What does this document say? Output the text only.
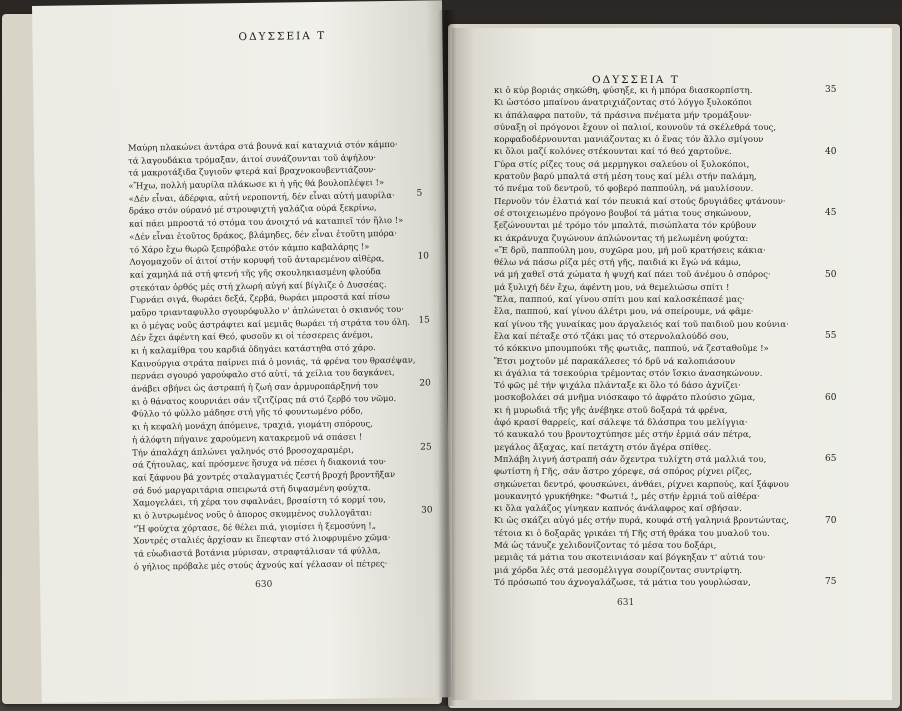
ΟΔΥΣΣΕΙΑ Τ
Μαύρη πλακώνει άντάρα στά βουνά καί καταχνιά στόν κάμπο·
τά λαγουδάκια τρόμαξαν, άιτοί συνάζουνται τοῦ ἀψήλου·
τά μακροτάξιδα ζυγιοῦν φτερά καί βραχνοκουβεντιάζουν·
«Ἤχω, πολλή μαυρίλα πλάκωσε κι ἡ γῆς θά βουλοπλέψει !»
«Δέν εἶναι, άδέρφια, αὐτή νεροποντή, δέν εἶναι αὐτή μαυρίλα·
δράκο στόν ούρανό μέ στρουφιχτή γαλάζια ούρά ξεκρίνω,
καί πάει μπροστά τό στόμα του άνοιχτό νά καταπιεῖ τόν ἥλιο !»
«Δέν εἶναι ἐτοῦτος δράκος, βλάμηδες, δέν εἶναι ἐτοῦτη μπόρα·
τό Χάρο ἔχω θωρῶ ξεπρόβαλε στόν κάμπο καβαλάρης !»
Λογομαχοῦν οἱ άιτοί στήν κορυφή τοῦ ἀνταρεμένου αἰθέρα,
καί χαμηλά πά στή φτενή τῆς γῆς σκουληκιασμένη φλούδα
στεκόταν ὀρθός μές στή χλωρή αὐγή καί βίγλιζε ὁ Δυσσέας.
Γυρνάει σιγά, θωράει δεξά, ζερβά, θωράει μπροστά καί πίσω
μαῦρο τριανταφυλλο σγουρόφυλλο ν' ἁπλώνεται ὁ σκιανός του·
κι ὁ μέγας νοῦς άστράφτει καί μεμιᾶς θωράει τή στράτα του όλη.
Δέν ἔχει άφέντη καί Θεό, φυσοῦν κι οἱ τέσσερεις άνέμοι,
κι ἡ καλαμίθρα του καρδιά ὁδηγάει κατάστηθα στό χάρο.
Καινούργια στράτα παίρνει πιά ὁ μονιάς, τά φρένα του θρασέψαν,
περνάει σγουρό γαρούφαλο στό αὐτί, τά χείλια του δαγκάνει,
άνάβει σβήνει ὡς άστραπή ἡ ζωή σαν ἀρμυροπάρξηνή του
κι ὁ θάνατος κουρνιάει σάν τζιτζίρας πά στό ζερβό του νῶμο.
Φύλλο τό φύλλο μάδησε στή γῆς τό φουντωμένο ρόδο,
κι ἡ κεφαλή μονάχη άπόμεινε, τραχιά, γιομάτη σπόρους,
ἡ άλόφτη πήγαινε χαρούμενη κατακρεμοῦ νά σπάσει !
Τήν άπαλάχη άπλώνει γαληνός στό βροσοχαραμέρι,
σά ζήτουλας, καί πρόσμενε ἥσυχα νά πέσει ἡ διακονιά του·
καί ξάφνου βά χοντρές σταλαγματιές ζεστή βροχή βροντῆξαν
σά δυό μαργαριτάρια σπειρωτά στή διψασμένη φούχτα.
Χαμογελάει, τή χέρα του σφαλνάει, βρσαίστη τό κορμί του,
κι ὁ λυτρωμένος νοῦς ὁ ἀπορος σκυμμένος συλλογᾶται:
"Ἡ φούχτα χόρτασε, δέ θέλει πιά, γιομίσει ἡ ξεμοσύνη !„
Χοντρές σταλιές ἀρχίσαν κι ἔπεφταν στό λιοφρυμένο χῶμα·
τά εὐωδιαστά βοτάνια μύρισαν, στραφτάλισαν τά φύλλα,
ὁ γήλιος πρόβαλε μές στούς ἀχνούς καί γέλασαν οἱ πέτρες·
5
10
15
20
25
30
630
ΟΔΥΣΣΕΙΑ Τ
κι ὁ κύρ βοριάς σηκώθη, φύσηξε, κι ἡ μπόρα διασκορπίστη.
Κι ὡστόσο μπαίνου άνατριχιάζοντας στό λόγγο ξυλοκόποι
κι άπάλαφρα πατοῦν, τά πράσινα πνέματα μήν τρομάξουν·
σύναξη οἱ πρόγονοι ἔχουν οἱ παλιοί, κουνοῦν τά σκέλεθρά τους,
κορφαδοδέρνουνται μανιάζοντας κι ὁ ἕνας τόν ἄλλο σμίγουν
κι ὅλοι μαζί κολόνες στέκουνται καί τό θεό χαρτοῦνε.
Γύρα στίς ρίζες τους σά μερμηγκοι σαλεύου οἱ ξυλοκόποι,
κρατοῦν βαρύ μπαλτά στή μέση τους καί μέλι στήν παλάμη,
τό πνέμα τοῦ δεντροῦ, τό φοβερό παππούλη, νά μαυλίσουν.
Περνοῦν τόν ἐλατιά καί τόν πευκιά καί στούς δρυγιάδες φτάνουν·
σέ στοιχειωμένο πρόγονο βουβοί τά μάτια τους σηκώνουν,
ξεζώνουνται μέ τρόμο τόν μπαλτά, πισώπλατα τόν κρύβουν
κι άκράνυχα ζυγώνουν άπλώνοντας τή μελωμένη φούχτα:
«Ἔ δρῦ, παππούλη μου, συχῶρα μου, μή μοῦ κρατήσεις κάκια·
θέλω νά πάσω ρίζα μές στή γῆς, παιδιά κι ἔγώ νά κάμω,
νά μή χαθεῖ στά χώματα ἡ ψυχή καί πάει τοῦ άνέμου ὁ σπόρος·
μά ξυλιχή δέν ἔχω, άφέντη μου, νά θεμελιώσω σπίτι !
Ἔλα, παππού, καί γίνου σπίτι μου καί καλοσκέπασέ μας·
ἔλα, παππού, καί γίνου άλέτρι μου, νά σπείρουμε, νά φᾶμε·
καί γίνου τῆς γυναίκας μου άργαλειός καί τοῦ παιδιοῦ μου κούνια·
ἔλα καί πέταξε στό τζάκι μας τό στερνολαλούδό σου,
τό κόκκινο μπουμπούκι τῆς φωτιᾶς, παππού, νά ζεσταθοῦμε !»
Ἔτσι μοχτοῦν μέ παρακάλεσες τό δρῦ νά καλοπιάσουν
κι άγάλια τά τσεκούρια τρέμοντας στόν ἴσκιο άνασηκώνουν.
Τό φῶς μέ τήν ψιχάλα πλάνταξε κι ὅλο τό δάσο ἀχνίζει·
μοσκοβολάει σά μνῆμα νιόσκαφο τό ἀφράτο πλούσιο χῶμα,
κι ἡ μυρωδιά τῆς γῆς ἀνέβηκε στοῦ δοξαρά τά φρένα,
ἀφό κρασί θαρρείς, καί σάλεψε τά δλάσπρα του μελίγγια·
τό καυκαλό του βροντοχτύπησε μές στήν ἐρμιά σάν πέτρα,
μεγάλος ἄξαχας, καί πετάχτη στόν ἄγέρα σπίθες.
Μπλάβη λιγνή άστραπή σάν ὄχεντρα τυλίχτη στά μαλλιά του,
φωτίστη ἡ Γῆς, σάν ἄστρο χόρεψε, σά σπόρος ρίχνει ρίζες,
σηκώνεται δεντρό, φουσκώνει, άνθάει, ρίχνει καρπούς, καί ξάφνου
μουκανητό γρυκήθηκε: "Φωτιά !„ μές στήν ἐρμιά τοῦ αἰθέρα·
κι ὅλα γαλάζος γίνηκαν καπνός άνάλαφρος καί σβήσαν.
Κι ὡς σκάζει αὐγό μές στήν πυρά, κουφά στή γαληνιά βροντώντας,
τέτοια κι ὁ δοξαρᾶς γρικάει τή Γῆς στή θράκα του μυαλοῦ του.
Μά ὡς τάνυζε χελιδονίζοντας τό μέσα του δοξάρι,
μεμιᾶς τά μάτια του σκοτεινιάσαν καί βόγκηξαν τ' αὐτιά του·
μιά χόρδα λές στά μεσομέλιγγα σουρίζοντας συντρίφτη.
Τό πρόσωπό του άχνογαλάζωσε, τά μάτια του γουρλώσαν,
35
40
45
50
55
60
65
70
75
631
